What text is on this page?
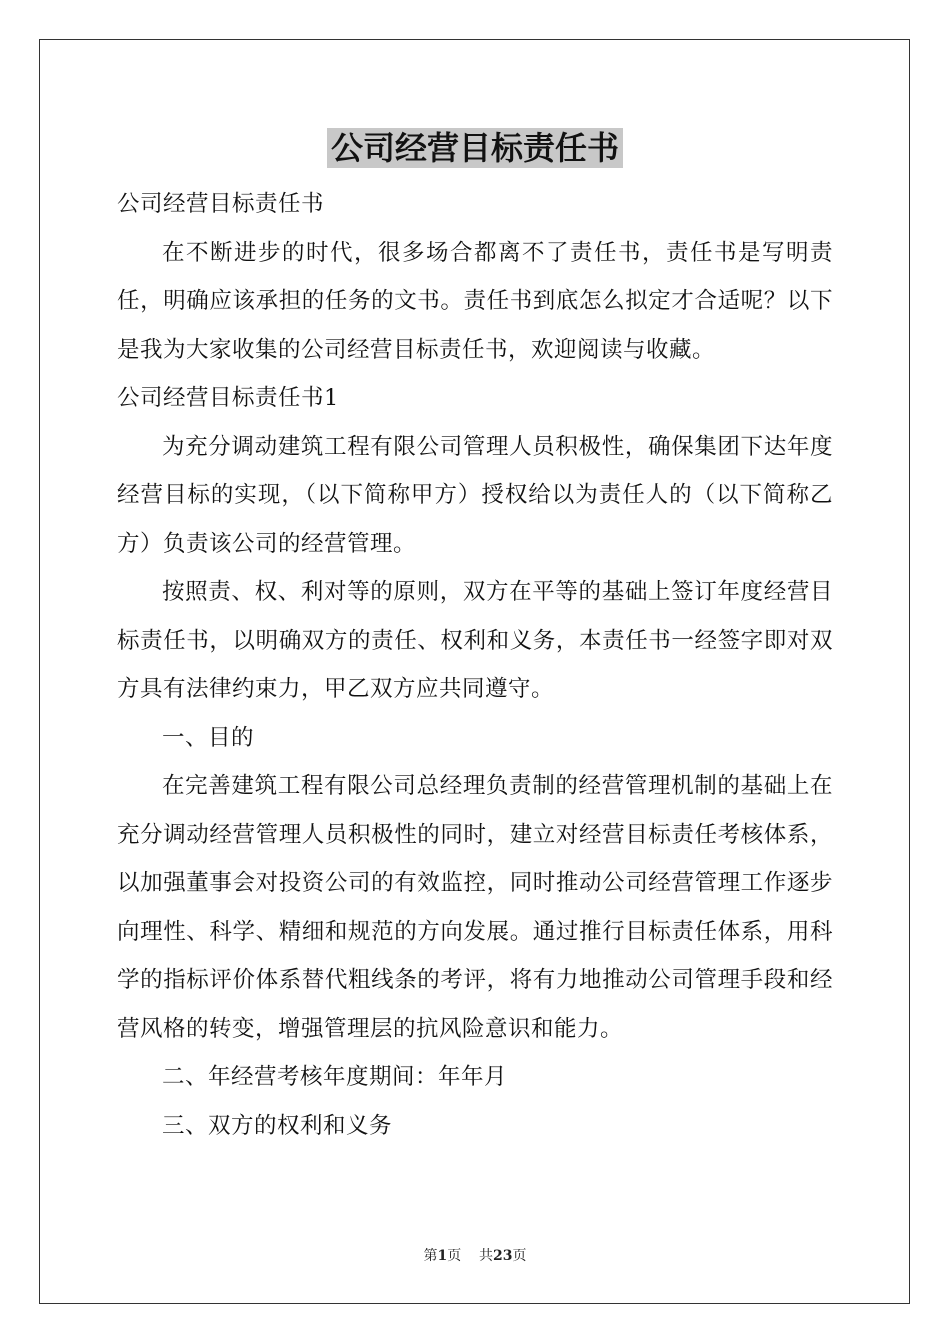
公司经营目标责任书

公司经营目标责任书

在不断进步的时代，很多场合都离不了责任书，责任书是写明责任，明确应该承担的任务的文书。责任书到底怎么拟定才合适呢？以下是我为大家收集的公司经营目标责任书，欢迎阅读与收藏。

公司经营目标责任书1

为充分调动建筑工程有限公司管理人员积极性，确保集团下达年度经营目标的实现，（以下简称甲方）授权给以为责任人的（以下简称乙方）负责该公司的经营管理。

按照责、权、利对等的原则，双方在平等的基础上签订年度经营目标责任书，以明确双方的责任、权利和义务，本责任书一经签字即对双方具有法律约束力，甲乙双方应共同遵守。

一、目的

在完善建筑工程有限公司总经理负责制的经营管理机制的基础上在充分调动经营管理人员积极性的同时，建立对经营目标责任考核体系，以加强董事会对投资公司的有效监控，同时推动公司经营管理工作逐步向理性、科学、精细和规范的方向发展。通过推行目标责任体系，用科学的指标评价体系替代粗线条的考评，将有力地推动公司管理手段和经营风格的转变，增强管理层的抗风险意识和能力。

二、年经营考核年度期间：年年月

三、双方的权利和义务

第1页 共23页
